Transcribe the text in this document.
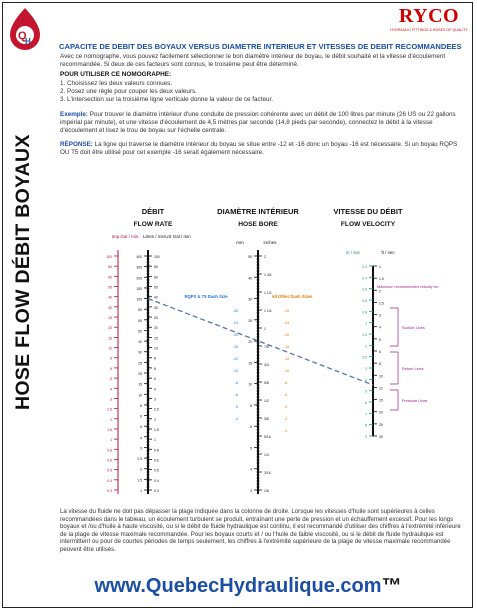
Q
H
HOSE FLOW DÉBIT BOYAUX
RYCO
HYDRAULIC FITTINGS & HOSES OF QUALITY
CAPACITE DE DEBIT DES BOYAUX VERSUS DIAMETRE INTERIEUR ET VITESSES DE DEBIT RECOMMANDEES
Avec ce nomographe, vous pouvez facilement sélectionner le bon diamètre intérieur de boyau, le débit souhaité et la vitesse d'écoulement recommandée. Si deux de ces facteurs sont connus, le troisième peut être déterminé.
POUR UTILISER CE NOMOGRAPHE:
1. Choisissez les deux valeurs connues.
2. Posez une règle pour couper les deux valeurs.
3. L'intersection sur la troisième ligne verticale donne la valeur de ce facteur.
Exemple: Pour trouver le diamètre intérieur d'une conduite de pression cohérente avec un débit de 100 litres par minute (26 US ou 22 gallons impérial par minute), et une vitesse d'écoulement de 4,5 mètres par seconde (14,8 pieds par seconde), connectez le débit à la vitesse d'écoulement et lisez le trou de boyau sur l'échelle centrale.
RÉPONSE: La ligne qui traverse le diamètre intérieur du boyau se situe entre -12 et -16 donc un boyau -16 est nécessaire. Si un boyau RQPS OU T5 doit être utilisé pour cet exemple -16 serait également nécessaire.
DÉBIT
FLOW RATE
DIAMÈTRE INTÉRIEUR
HOSE BORE
VITESSE DU DÉBIT
FLOW VELOCITY
Imp.Gal / min Litres / min US Gal / min
100
80
60
50
40
30
25
20
15
10
8
6
5
4
3
2.5
2
1.5
1
0.8
0.6
0.5
0.4
0.3
400
300
200
150
100
80
60
50
40
30
25
20
15
10
8
6
5
4
3
2.5
2
1.5
1
100
80
60
50
40
30
25
20
15
10
8
6
5
4
3
2.5
2
1.5
1
0.8
0.6
0.5
0.4
0.3
mm	inches
50
40
30
25
20
15
10
8
6
5
4
3
2
1 3/4
1 1/2
1 1/4
1
7/8
3/4
5/8
1/2
3/8
5/16
1/4
3/16
1/8
RQPS & T5 Dash Size	All Other Dash Sizes
-32
-24
-20
-16
-12
-10
-8
-6
-5
-4
-32
-24
-20
-16
-12
-10
-8
-6
-5
-4
-3
m / sec	ft / sec
0.3
0.4
0.5
0.6
0.8
1
1.5
2
2.5
3
4
5
6
7
8
9
1
1.5
2
2.5
3
4
5
6
8
10
12
15
20
25
30
Maximum recommended velocity for:
Suction Lines
Return Lines
Pressure Lines
La vitesse du fluide ne doit pas dépasser la plage indiquée dans la colonne de droite. Lorsque les vitesses d'huile sont supérieures à celles recommandées dans le tableau, un écoulement turbulent se produit, entraînant une perte de pression et un échauffement excessif. Pour les longs boyaux et /ou d'huile à haute viscosité, ou si le débit de fluide hydraulique est continu, il est recommandé d'utiliser des chiffres à l'extrémité inférieure de la plage de vitesse maximale recommandée. Pour les boyaux courts et / ou l'huile de faible viscosité, ou si le débit de fluide hydraulique est intermittent ou pour de courtes périodes de temps seulement, les chiffres à l'extrémité supérieure de la plage de vitesse maximale recommandée peuvent être utilisés.
www.QuebecHydraulique.com™
